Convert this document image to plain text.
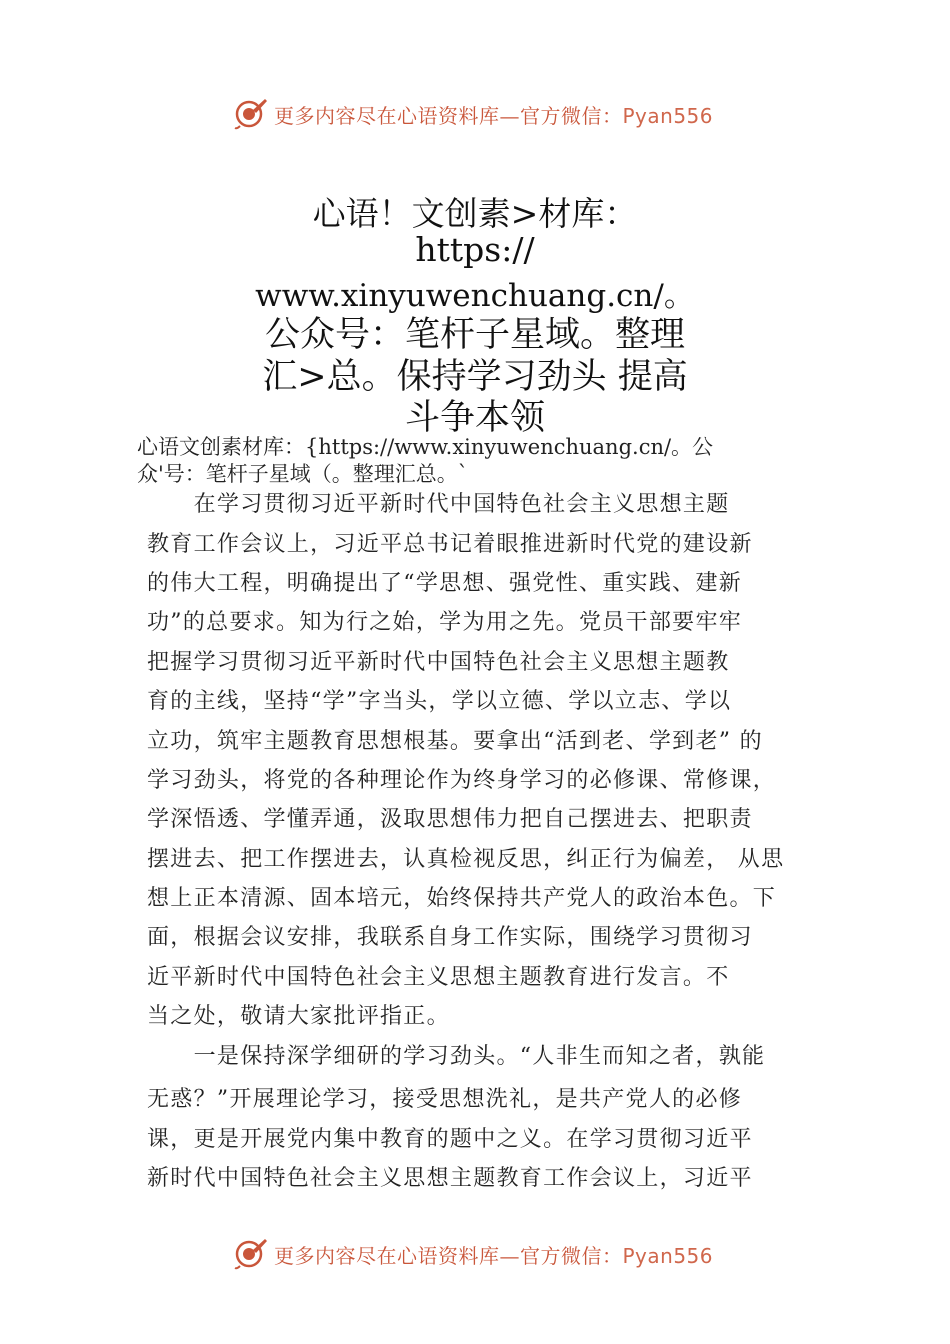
更多内容尽在心语资料库—官方微信：Pyan556
心语！文创素>材库：
https://
www.xinyuwenchuang.cn/。
公众号：笔杆子星域。整理
汇>总。保持学习劲头 提高
斗争本领
心语文创素材库：{https://www.xinyuwenchuang.cn/。公
众'号：笔杆子星域（。整理汇总。`
　　在学习贯彻习近平新时代中国特色社会主义思想主题
教育工作会议上，习近平总书记着眼推进新时代党的建设新
的伟大工程，明确提出了“学思想、强党性、重实践、建新
功”的总要求。知为行之始，学为用之先。党员干部要牢牢
把握学习贯彻习近平新时代中国特色社会主义思想主题教
育的主线，坚持“学”字当头，学以立德、学以立志、学以
立功，筑牢主题教育思想根基。要拿出“活到老、学到老” 的
学习劲头，将党的各种理论作为终身学习的必修课、常修课，
学深悟透、学懂弄通，汲取思想伟力把自己摆进去、把职责
摆进去、把工作摆进去，认真检视反思，纠正行为偏差， 从思
想上正本清源、固本培元，始终保持共产党人的政治本色。下
面，根据会议安排，我联系自身工作实际，围绕学习贯彻习
近平新时代中国特色社会主义思想主题教育进行发言。不
当之处，敬请大家批评指正。
　　一是保持深学细研的学习劲头。“人非生而知之者，孰能
无惑？”开展理论学习，接受思想洗礼，是共产党人的必修
课，更是开展党内集中教育的题中之义。在学习贯彻习近平
新时代中国特色社会主义思想主题教育工作会议上，习近平
更多内容尽在心语资料库—官方微信：Pyan556
